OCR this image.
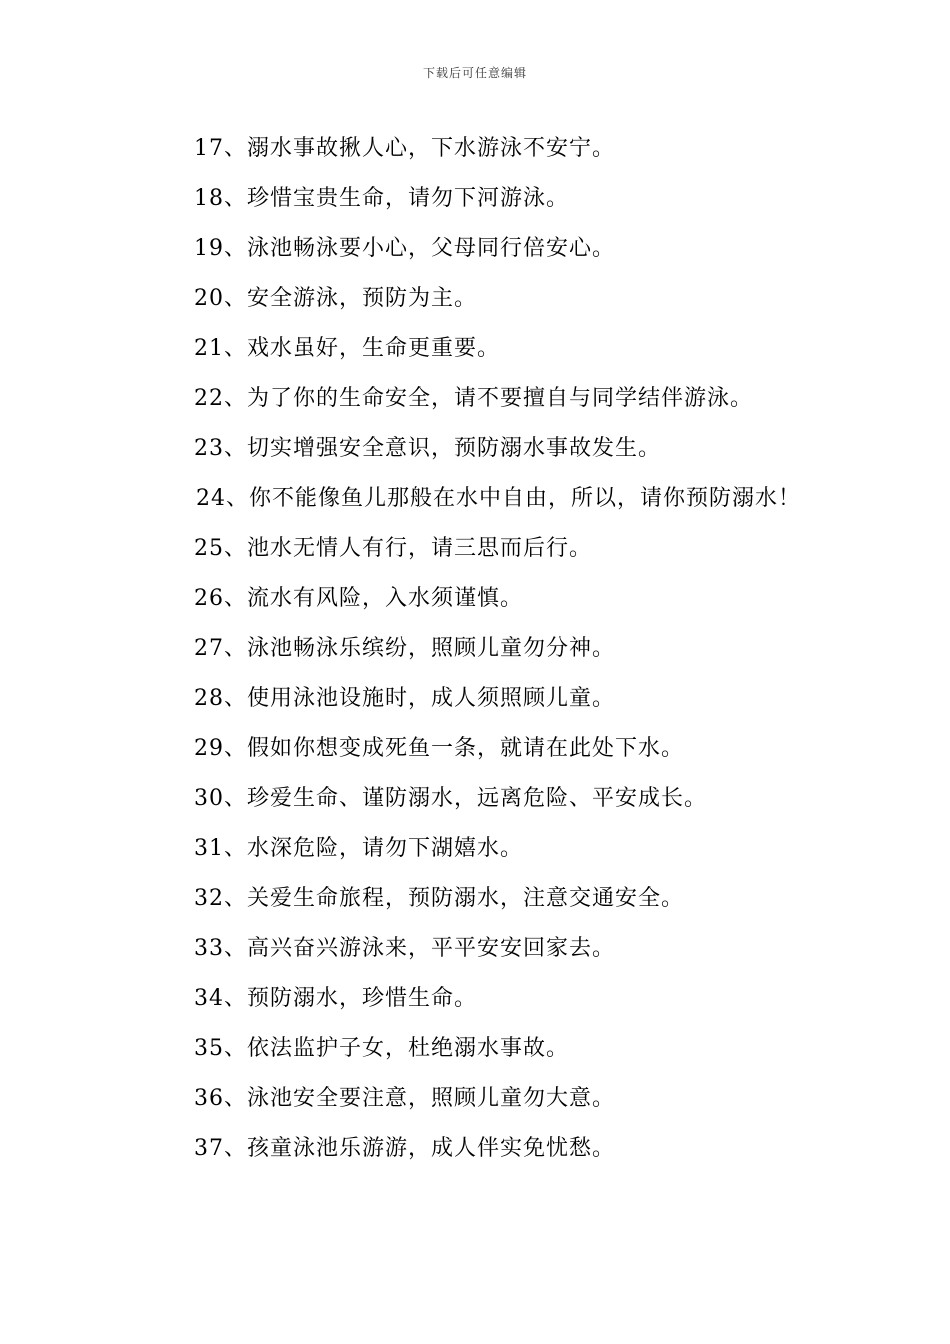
下载后可任意编辑
17、溺水事故揪人心，下水游泳不安宁。
18、珍惜宝贵生命，请勿下河游泳。
19、泳池畅泳要小心，父母同行倍安心。
20、安全游泳，预防为主。
21、戏水虽好，生命更重要。
22、为了你的生命安全，请不要擅自与同学结伴游泳。
23、切实增强安全意识，预防溺水事故发生。
24、你不能像鱼儿那般在水中自由，所以，请你预防溺水！
25、池水无情人有行，请三思而后行。
26、流水有风险，入水须谨慎。
27、泳池畅泳乐缤纷，照顾儿童勿分神。
28、使用泳池设施时，成人须照顾儿童。
29、假如你想变成死鱼一条，就请在此处下水。
30、珍爱生命、谨防溺水，远离危险、平安成长。
31、水深危险，请勿下湖嬉水。
32、关爱生命旅程，预防溺水，注意交通安全。
33、高兴奋兴游泳来，平平安安回家去。
34、预防溺水，珍惜生命。
35、依法监护子女，杜绝溺水事故。
36、泳池安全要注意，照顾儿童勿大意。
37、孩童泳池乐游游，成人伴实免忧愁。
